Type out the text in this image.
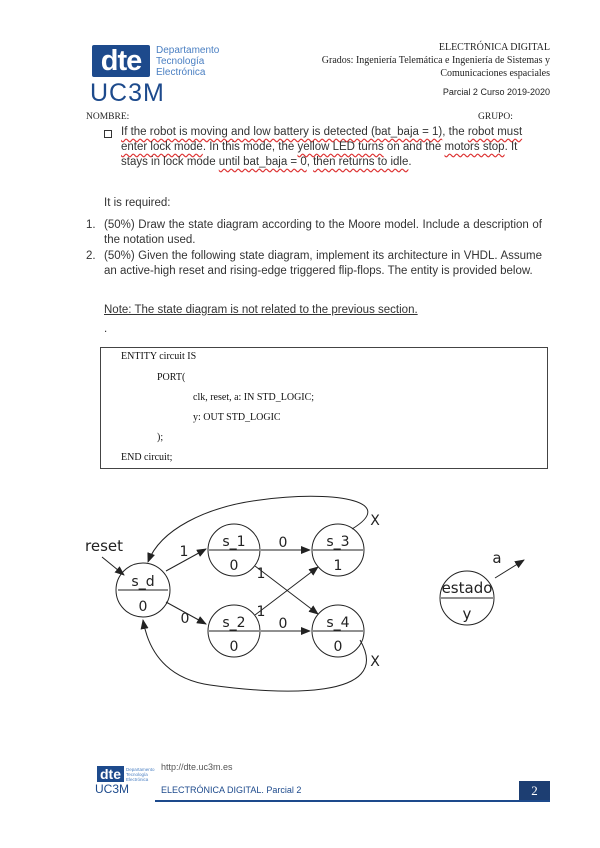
dte
UC3M
Departamento
Tecnología
Electrónica
ELECTRÓNICA DIGITAL
Grados: Ingeniería Telemática e Ingeniería de Sistemas y
Comunicaciones espaciales
Parcial 2 Curso 2019-2020
NOMBRE:	GRUPO:
If the robot is moving and low battery is detected (bat_baja = 1), the robot must enter lock mode. In this mode, the yellow LED turns on and the motors stop. It stays in lock mode until bat_baja = 0, then returns to idle.
It is required:
1. (50%) Draw the state diagram according to the Moore model. Include a description of the notation used.
2. (50%) Given the following state diagram, implement its architecture in VHDL. Assume an active-high reset and rising-edge triggered flip-flops. The entity is provided below.
Note: The state diagram is not related to the previous section.
.
ENTITY circuit IS
PORT(
clk, reset, a: IN STD_LOGIC;
y: OUT STD_LOGIC
);
END circuit;
reset
s_d
0
s_1
0
s_3
1
s_2
0
s_4
0
1
0
0
0
1
1
X
X
estado
y
a
dte	Departamento
Tecnología
Electrónica
UC3M
http://dte.uc3m.es
ELECTRÓNICA DIGITAL. Parcial 2	2
